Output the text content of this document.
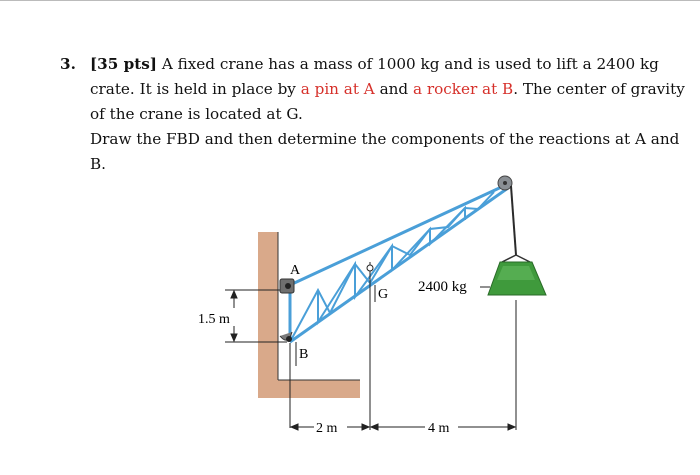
3. [35 pts] A fixed crane has a mass of 1000 kg and is used to lift a 2400 kg crate. It is held in place by a pin at A and a rocker at B. The center of gravity of the crane is located at G.
Draw the FBD and then determine the components of the reactions at A and B.
1.5 m
2400 kg
A
B
G
2 m	4 m
